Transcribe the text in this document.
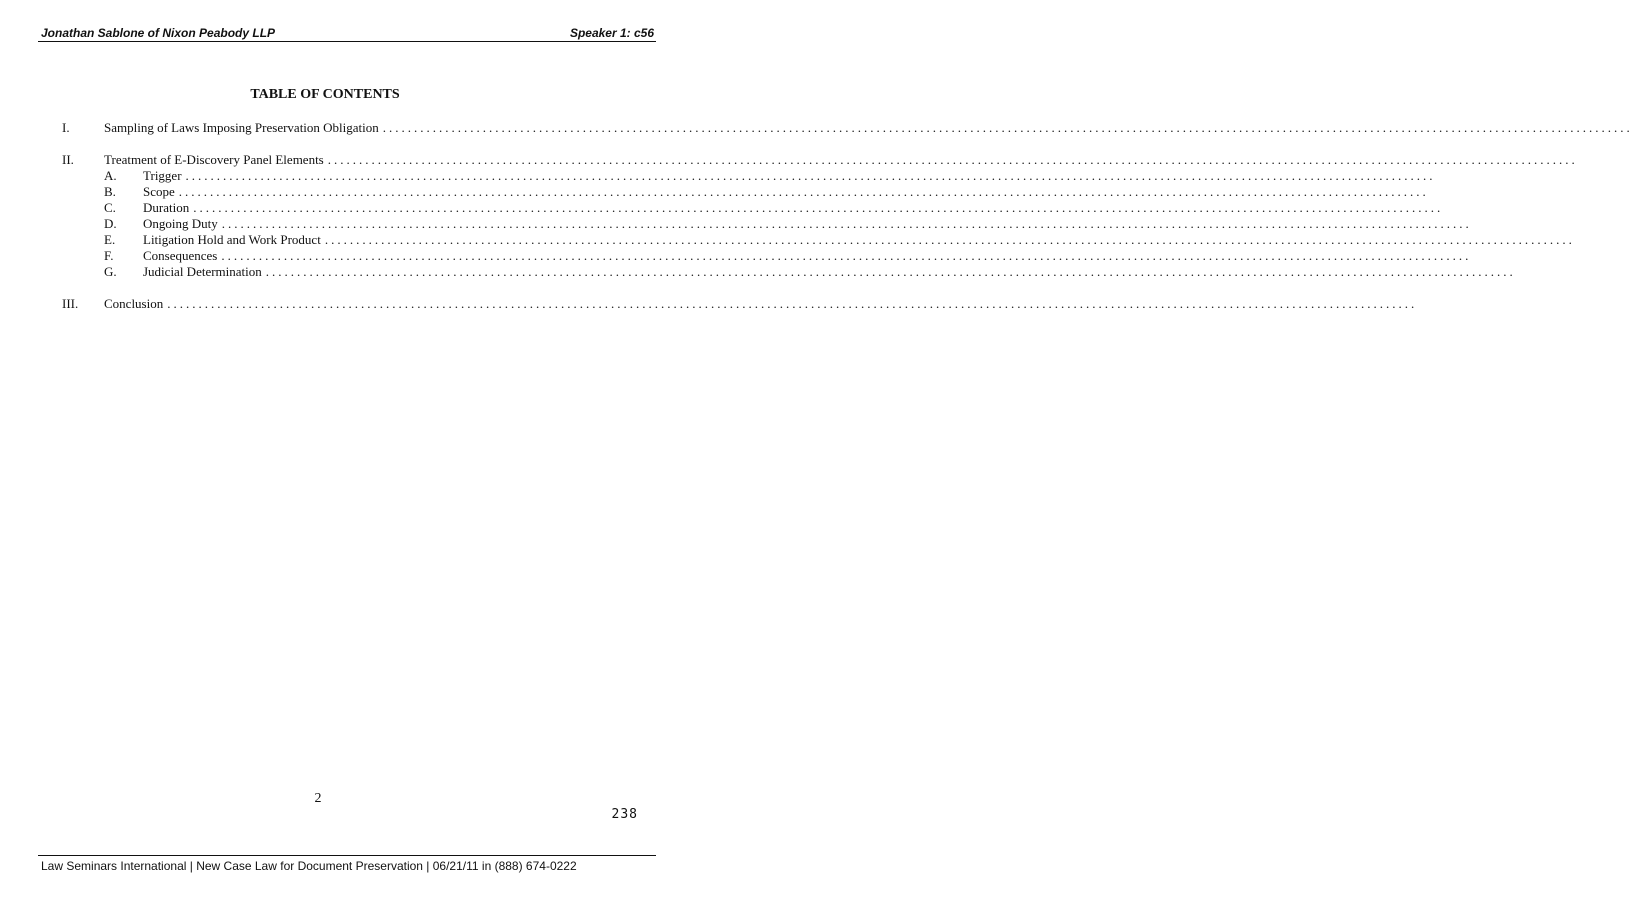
Jonathan Sablone of Nixon Peabody LLP	Speaker 1: c56
TABLE OF CONTENTS
I.	Sampling of Laws Imposing Preservation Obligation ........................................................................................................................................................................................................
II. Treatment of E-Discovery Panel Elements ........................................................................................................................................................................................................
A. Trigger ........................................................................................................................................................................................................
B. Scope ........................................................................................................................................................................................................
C. Duration ........................................................................................................................................................................................................
D. Ongoing Duty ........................................................................................................................................................................................................
E. Litigation Hold and Work Product ........................................................................................................................................................................................................
F. Consequences ........................................................................................................................................................................................................
G. Judicial Determination ........................................................................................................................................................................................................
III. Conclusion ........................................................................................................................................................................................................
2
238
Law Seminars International | New Case Law for Document Preservation | 06/21/11 in (888) 674-0222
